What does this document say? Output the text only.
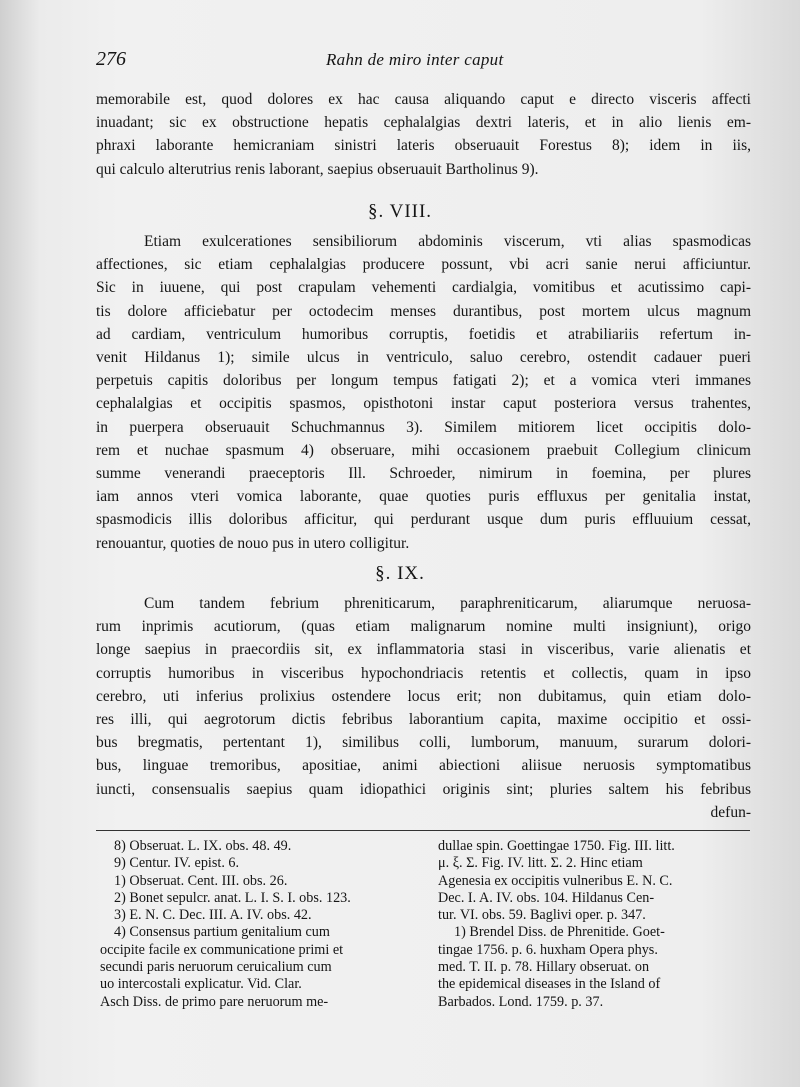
276	Rahn de miro inter caput
memorabile est, quod dolores ex hac causa aliquando caput e directo visceris affecti
inuadant; sic ex obstructione hepatis cephalalgias dextri lateris, et in alio lienis em-
phraxi laborante hemicraniam sinistri lateris obseruauit Forestus 8); idem in iis,
qui calculo alterutrius renis laborant, saepius obseruauit Bartholinus 9).
§. VIII.
Etiam exulcerationes sensibiliorum abdominis viscerum, vti alias spasmodicas
affectiones, sic etiam cephalalgias producere possunt, vbi acri sanie nerui afficiuntur.
Sic in iuuene, qui post crapulam vehementi cardialgia, vomitibus et acutissimo capi-
tis dolore afficiebatur per octodecim menses durantibus, post mortem ulcus magnum
ad cardiam, ventriculum humoribus corruptis, foetidis et atrabiliariis refertum in-
venit Hildanus 1); simile ulcus in ventriculo, saluo cerebro, ostendit cadauer pueri
perpetuis capitis doloribus per longum tempus fatigati 2); et a vomica vteri immanes
cephalalgias et occipitis spasmos, opisthotoni instar caput posteriora versus trahentes,
in puerpera obseruauit Schuchmannus 3). Similem mitiorem licet occipitis dolo-
rem et nuchae spasmum 4) obseruare, mihi occasionem praebuit Collegium clinicum
summe venerandi praeceptoris Ill. Schroeder, nimirum in foemina, per plures
iam annos vteri vomica laborante, quae quoties puris effluxus per genitalia instat,
spasmodicis illis doloribus afficitur, qui perdurant usque dum puris effluuium cessat,
renouantur, quoties de nouo pus in utero colligitur.
§. IX.
Cum tandem febrium phreniticarum, paraphreniticarum, aliarumque neruosa-
rum inprimis acutiorum, (quas etiam malignarum nomine multi insigniunt), origo
longe saepius in praecordiis sit, ex inflammatoria stasi in visceribus, varie alienatis et
corruptis humoribus in visceribus hypochondriacis retentis et collectis, quam in ipso
cerebro, uti inferius prolixius ostendere locus erit; non dubitamus, quin etiam dolo-
res illi, qui aegrotorum dictis febribus laborantium capita, maxime occipitio et ossi-
bus bregmatis, pertentant 1), similibus colli, lumborum, manuum, surarum dolori-
bus, linguae tremoribus, apositiae, animi abiectioni aliisue neruosis symptomatibus
iuncti, consensualis saepius quam idiopathici originis sint; pluries saltem his febribus
defun-
8) Obseruat. L. IX. obs. 48. 49.
9) Centur. IV. epist. 6.
1) Obseruat. Cent. III. obs. 26.
2) Bonet sepulcr. anat. L. I. S. I. obs. 123.
3) E. N. C. Dec. III. A. IV. obs. 42.
4) Consensus partium genitalium cum
occipite facile ex communicatione primi et
secundi paris neruorum ceruicalium cum
uo intercostali explicatur. Vid. Clar.
Asch Diss. de primo pare neruorum me-
dullae spin. Goettingae 1750. Fig. III. litt.
μ. ξ. Σ. Fig. IV. litt. Σ. 2. Hinc etiam
Agenesia ex occipitis vulneribus E. N. C.
Dec. I. A. IV. obs. 104. Hildanus Cen-
tur. VI. obs. 59. Baglivi oper. p. 347.
1) Brendel Diss. de Phrenitide. Goet-
tingae 1756. p. 6. huxham Opera phys.
med. T. II. p. 78. Hillary obseruat. on
the epidemical diseases in the Island of
Barbados. Lond. 1759. p. 37.
